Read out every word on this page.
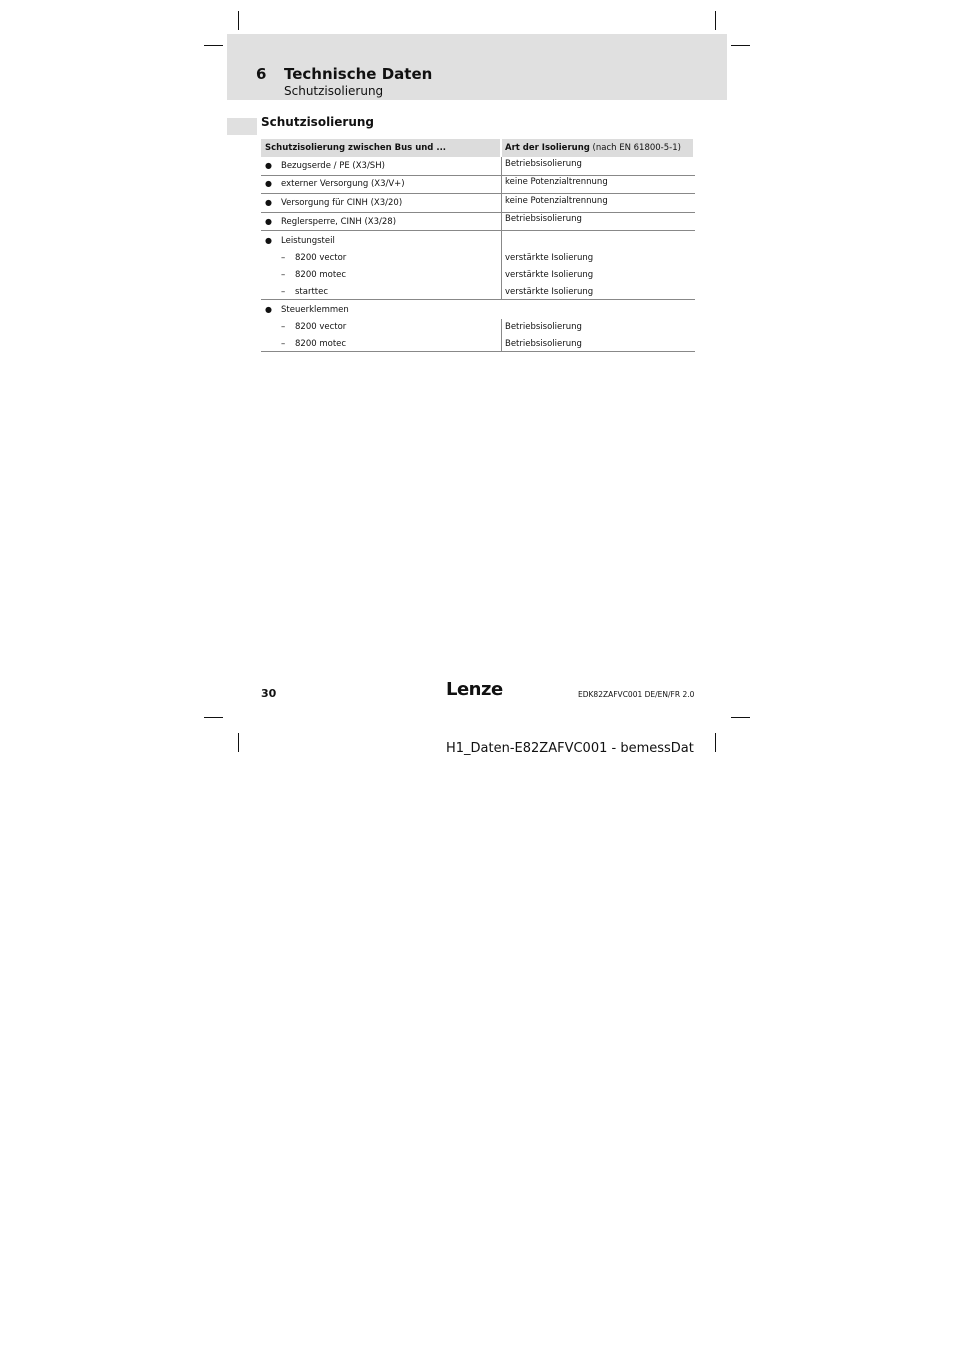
6 Technische Daten
Schutzisolierung
Schutzisolierung
Schutzisolierung zwischen Bus und ...	Art der Isolierung (nach EN 61800-5-1)
● Bezugserde / PE (X3/SH)	Betriebsisolierung
● externer Versorgung (X3/V+)	keine Potenzialtrennung
● Versorgung für CINH (X3/20)	keine Potenzialtrennung
● Reglersperre, CINH (X3/28)	Betriebsisolierung
● Leistungsteil
– 8200 vector	verstärkte Isolierung
– 8200 motec	verstärkte Isolierung
– starttec	verstärkte Isolierung
● Steuerklemmen
– 8200 vector	Betriebsisolierung
– 8200 motec	Betriebsisolierung
30	Lenze	EDK82ZAFVC001 DE/EN/FR 2.0
H1_Daten-E82ZAFVC001 - bemessDat
